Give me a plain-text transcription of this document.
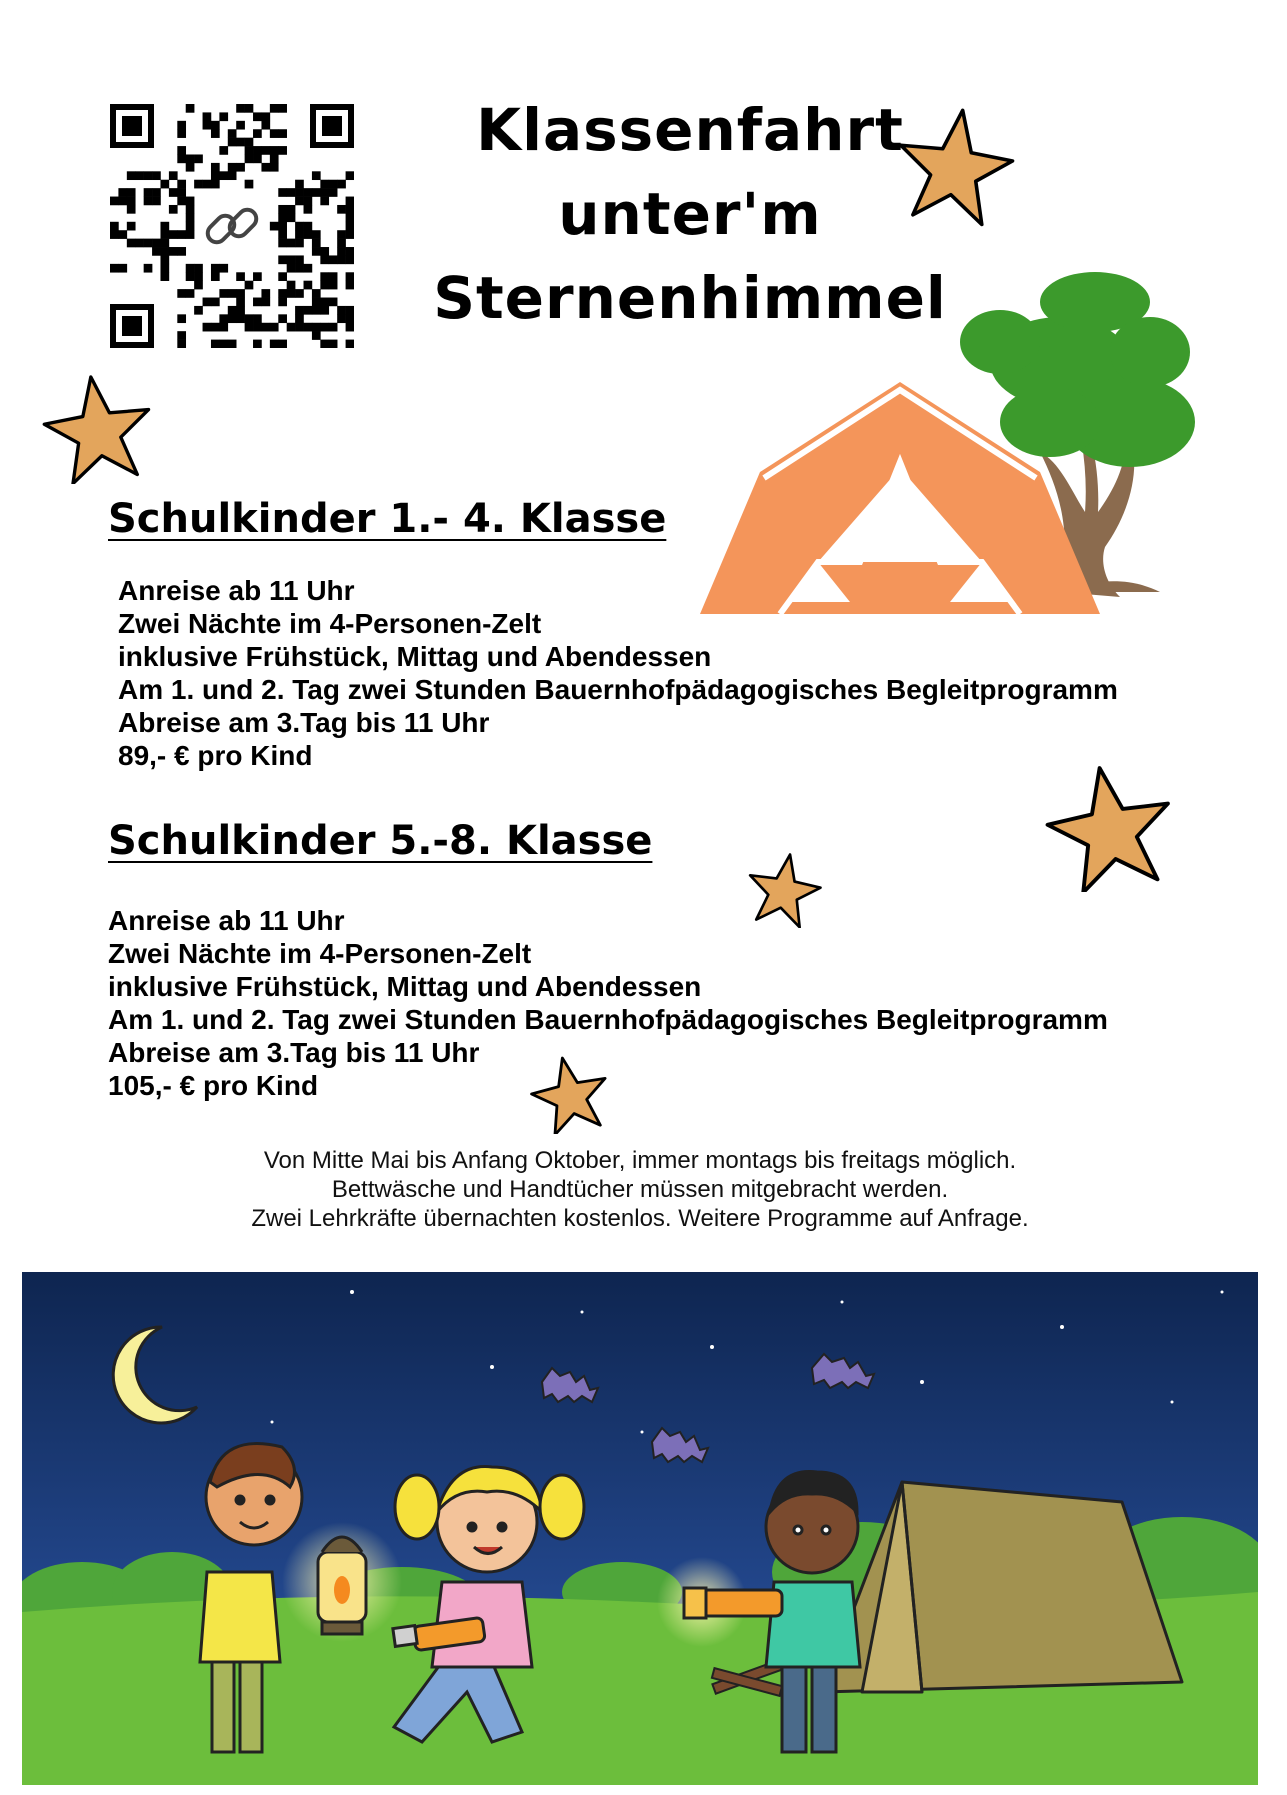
Klassenfahrt
unter'm
Sternenhimmel
Schulkinder 1.- 4. Klasse
Anreise ab 11 Uhr
Zwei Nächte im 4-Personen-Zelt
inklusive Frühstück, Mittag und Abendessen
Am 1. und 2. Tag zwei Stunden Bauernhofpädagogisches Begleitprogramm
Abreise am 3.Tag bis 11 Uhr
89,- € pro Kind
Schulkinder 5.-8. Klasse
Anreise ab 11 Uhr
Zwei Nächte im 4-Personen-Zelt
inklusive Frühstück, Mittag und Abendessen
Am 1. und 2. Tag zwei Stunden Bauernhofpädagogisches Begleitprogramm
Abreise am 3.Tag bis 11 Uhr
105,- € pro Kind
Von Mitte Mai bis Anfang Oktober, immer montags bis freitags möglich.
Bettwäsche und Handtücher müssen mitgebracht werden.
Zwei Lehrkräfte übernachten kostenlos. Weitere Programme auf Anfrage.
